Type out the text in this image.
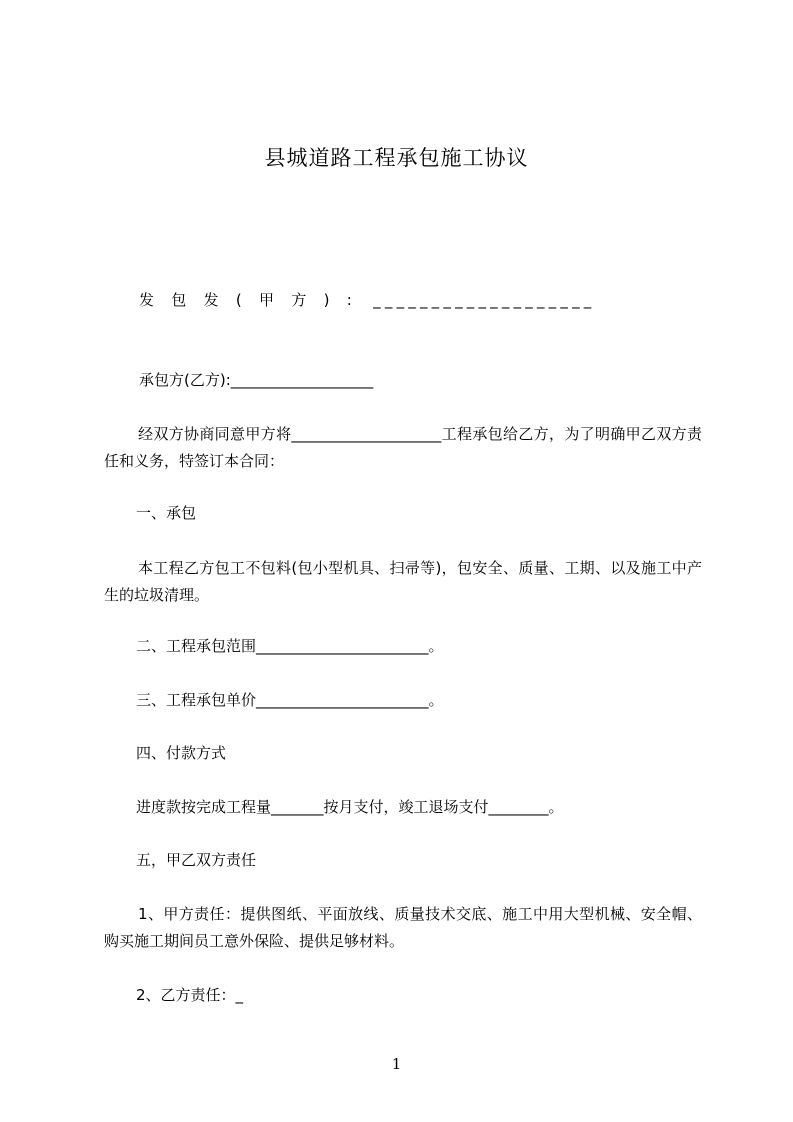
县城道路工程承包施工协议
发包发(甲方): ___________________
承包方(乙方):___________________
经双方协商同意甲方将____________________工程承包给乙方，为了明确甲乙双方责任和义务，特签订本合同：
一、承包
本工程乙方包工不包料(包小型机具、扫帚等)，包安全、质量、工期、以及施工中产生的垃圾清理。
二、工程承包范围_______________________。
三、工程承包单价_______________________。
四、付款方式
进度款按完成工程量_______按月支付，竣工退场支付________。
五，甲乙双方责任
1、甲方责任：提供图纸、平面放线、质量技术交底、施工中用大型机械、安全帽、购买施工期间员工意外保险、提供足够材料。
2、乙方责任：_
1
